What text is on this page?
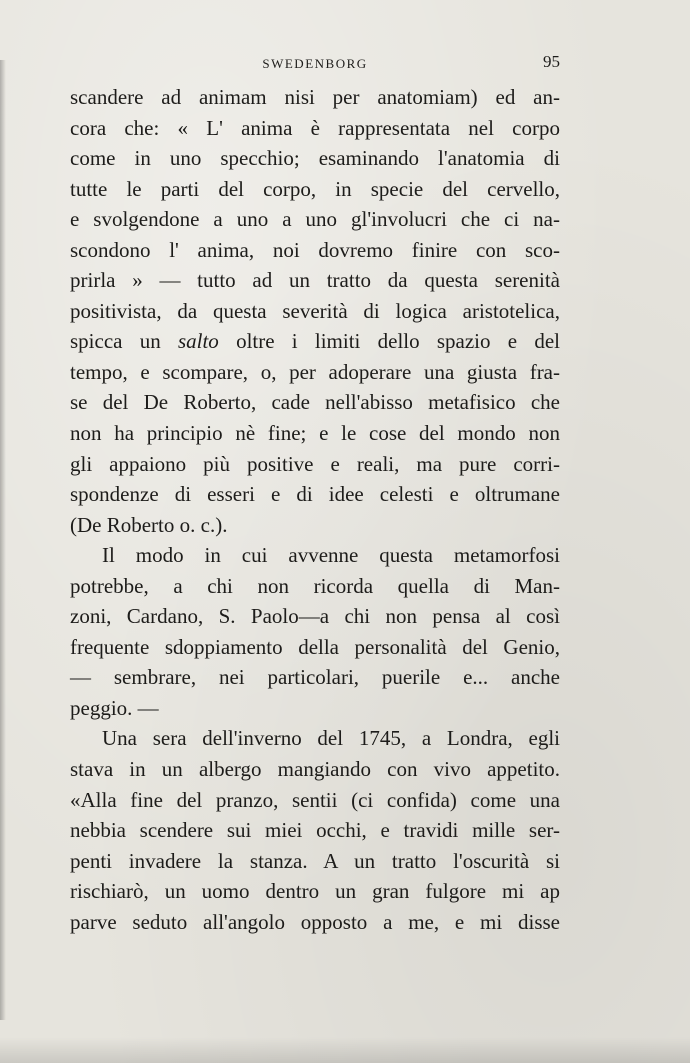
SWEDENBORG	95
scandere ad animam nisi per anatomiam) ed an-
cora che: « L' anima è rappresentata nel corpo
come in uno specchio; esaminando l'anatomia di
tutte le parti del corpo, in specie del cervello,
e svolgendone a uno a uno gl'involucri che ci na-
scondono l' anima, noi dovremo finire con sco-
prirla » — tutto ad un tratto da questa serenità
positivista, da questa severità di logica aristotelica,
spicca un salto oltre i limiti dello spazio e del
tempo, e scompare, o, per adoperare una giusta fra-
se del De Roberto, cade nell'abisso metafisico che
non ha principio nè fine; e le cose del mondo non
gli appaiono più positive e reali, ma pure corri-
spondenze di esseri e di idee celesti e oltrumane
(De Roberto o. c.).
Il modo in cui avvenne questa metamorfosi
potrebbe, a chi non ricorda quella di Man-
zoni, Cardano, S. Paolo—a chi non pensa al così
frequente sdoppiamento della personalità del Genio,
— sembrare, nei particolari, puerile e... anche
peggio. —
Una sera dell'inverno del 1745, a Londra, egli
stava in un albergo mangiando con vivo appetito.
«Alla fine del pranzo, sentii (ci confida) come una
nebbia scendere sui miei occhi, e travidi mille ser-
penti invadere la stanza. A un tratto l'oscurità si
rischiarò, un uomo dentro un gran fulgore mi ap
parve seduto all'angolo opposto a me, e mi disse
